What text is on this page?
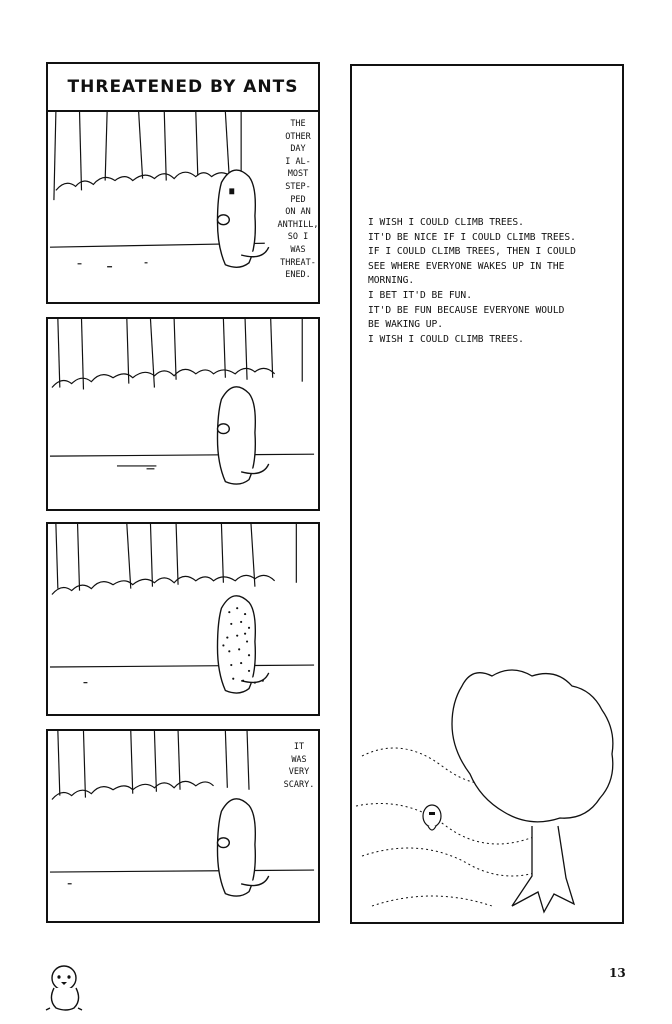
THREATENED BY ANTS
THE
OTHER
DAY
I AL-
MOST
STEP-
PED
ON AN
ANTHILL,
SO I
WAS
THREAT-
ENED.
IT
WAS
VERY
SCARY.
I WISH I COULD CLIMB TREES.
IT'D BE NICE IF I COULD CLIMB TREES.
IF I COULD CLIMB TREES, THEN I COULD
SEE WHERE EVERYONE WAKES UP IN THE
MORNING.
I BET IT'D BE FUN.
IT'D BE FUN BECAUSE EVERYONE WOULD
BE WAKING UP.
I WISH I COULD CLIMB TREES.
13
